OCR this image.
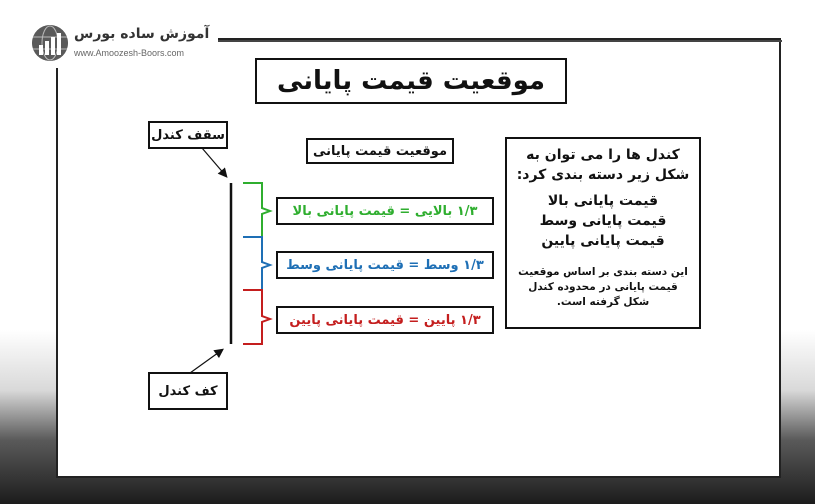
آموزش ساده بورس
www.Amoozesh-Boors.com
موقعیت قیمت پایانی
سقف کندل
کف کندل
موقعیت قیمت پایانی
۱/۳ بالایی = قیمت پایانی بالا
۱/۳ وسط = قیمت پایانی وسط
۱/۳ پایین = قیمت پایانی پایین
کندل ها را می توان به شکل زیر دسته بندی کرد:
قیمت پایانی بالا
قیمت پایانی وسط
قیمت پایانی پایین
این دسته بندی بر اساس موقعیت قیمت پایانی در محدوده کندل شکل گرفته است.
